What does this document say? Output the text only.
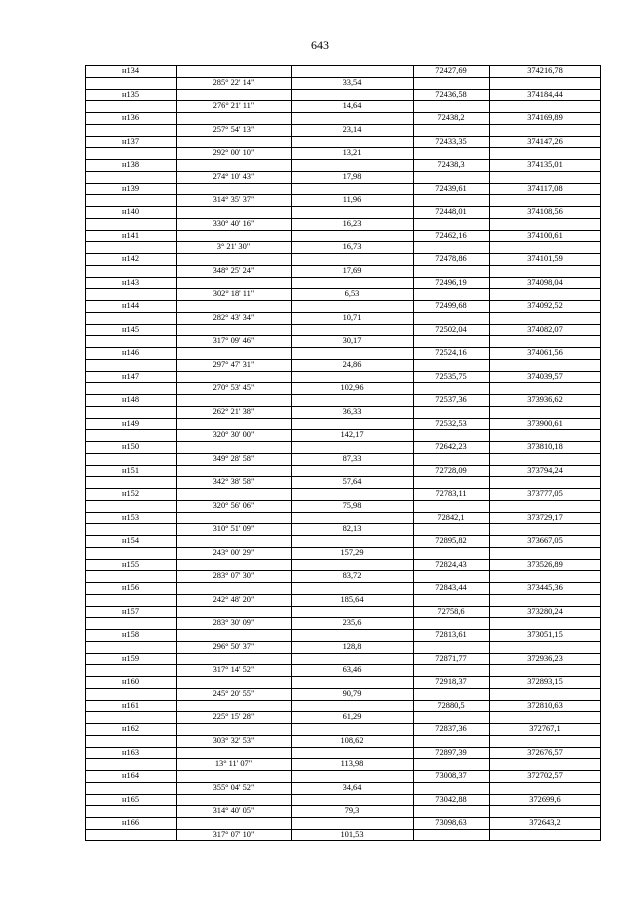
643
н134	72427,69	374216,78
285° 22' 14"	33,54
н135	72436,58	374184,44
276° 21' 11"	14,64
н136	72438,2	374169,89
257° 54' 13"	23,14
н137	72433,35	374147,26
292° 00' 10"	13,21
н138	72438,3	374135,01
274° 10' 43"	17,98
н139	72439,61	374117,08
314° 35' 37"	11,96
н140	72448,01	374108,56
330° 40' 16"	16,23
н141	72462,16	374100,61
3° 21' 30"	16,73
н142	72478,86	374101,59
348° 25' 24"	17,69
н143	72496,19	374098,04
302° 18' 11"	6,53
н144	72499,68	374092,52
282° 43' 34"	10,71
н145	72502,04	374082,07
317° 09' 46"	30,17
н146	72524,16	374061,56
297° 47' 31"	24,86
н147	72535,75	374039,57
270° 53' 45"	102,96
н148	72537,36	373936,62
262° 21' 38"	36,33
н149	72532,53	373900,61
320° 30' 00"	142,17
н150	72642,23	373810,18
349° 28' 58"	87,33
н151	72728,09	373794,24
342° 38' 58"	57,64
н152	72783,11	373777,05
320° 56' 06"	75,98
н153	72842,1	373729,17
310° 51' 09"	82,13
н154	72895,82	373667,05
243° 00' 29"	157,29
н155	72824,43	373526,89
283° 07' 30"	83,72
н156	72843,44	373445,36
242° 48' 20"	185,64
н157	72758,6	373280,24
283° 30' 09"	235,6
н158	72813,61	373051,15
296° 50' 37"	128,8
н159	72871,77	372936,23
317° 14' 52"	63,46
н160	72918,37	372893,15
245° 20' 55"	90,79
н161	72880,5	372810,63
225° 15' 28"	61,29
н162	72837,36	372767,1
303° 32' 53"	108,62
н163	72897,39	372676,57
13° 11' 07"	113,98
н164	73008,37	372702,57
355° 04' 52"	34,64
н165	73042,88	372699,6
314° 40' 05"	79,3
н166	73098,63	372643,2
317° 07' 10"	101,53
